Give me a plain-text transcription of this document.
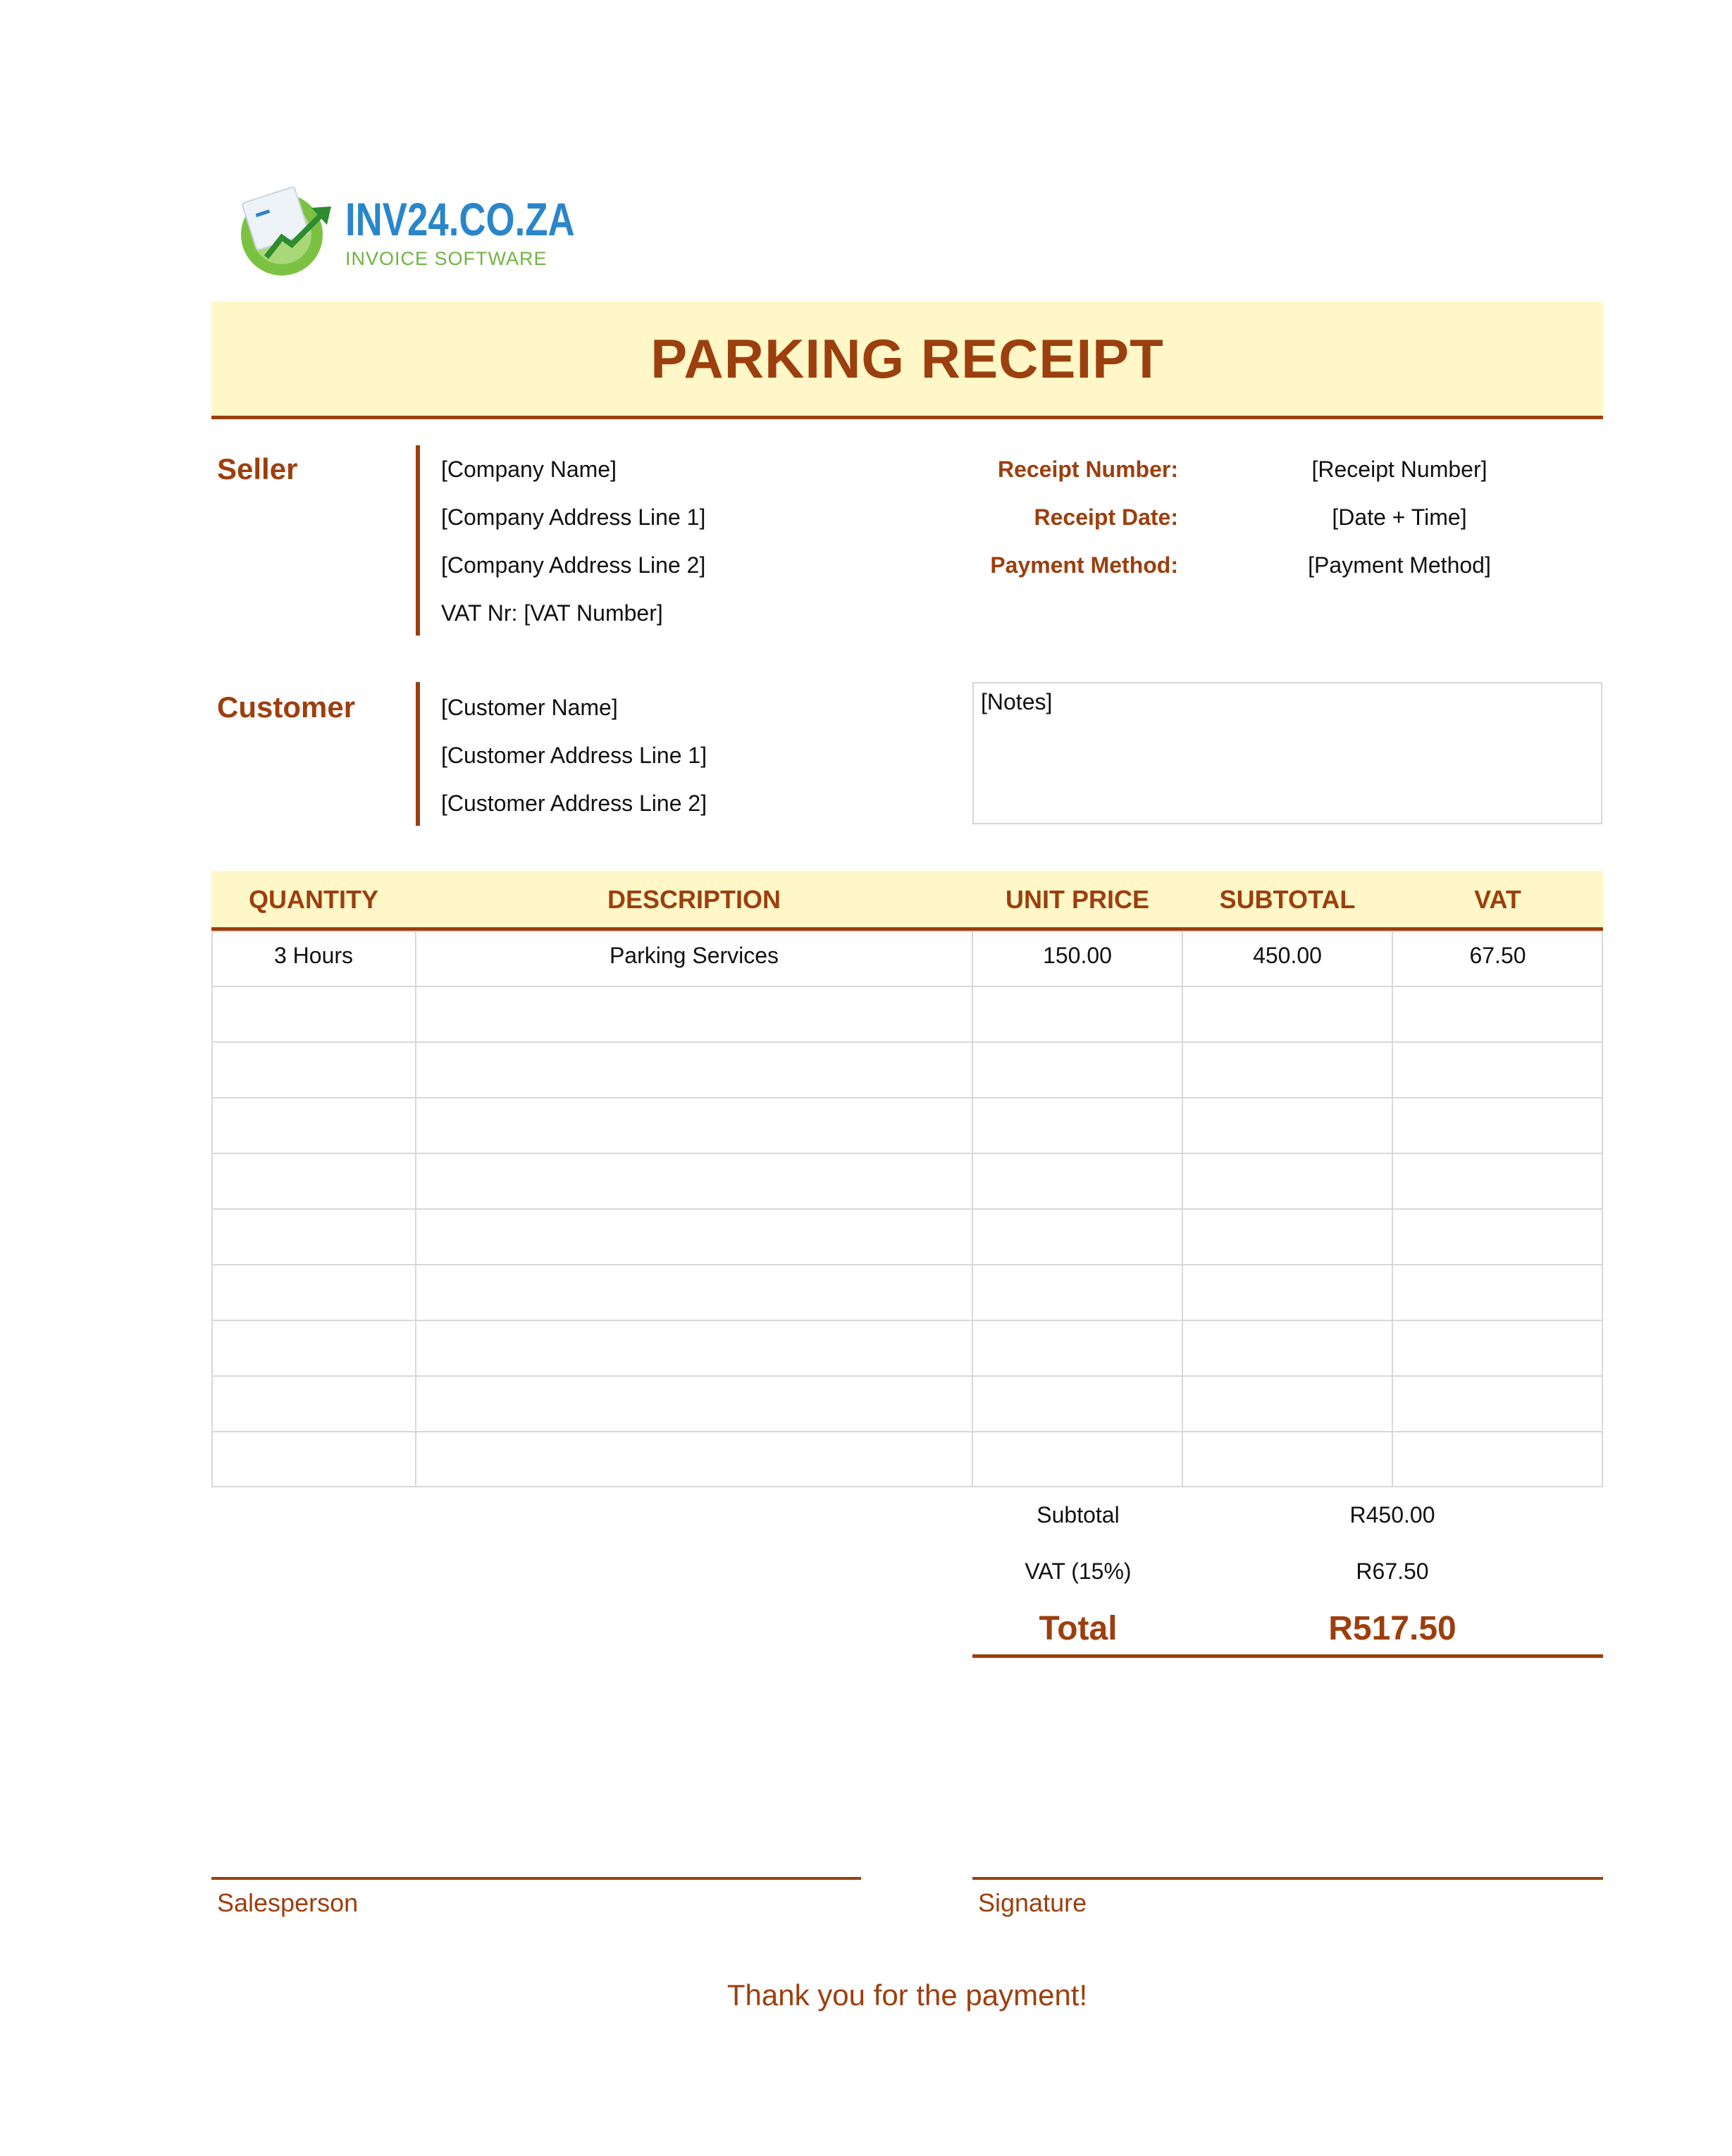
INV24.CO.ZA
INVOICE SOFTWARE
PARKING RECEIPT
Seller	[Company Name]
[Company Address Line 1]
[Company Address Line 2]
VAT Nr: [VAT Number]
Receipt Number:	[Receipt Number]
Receipt Date:	[Date + Time]
Payment Method:	[Payment Method]
Customer	[Customer Name]
[Customer Address Line 1]
[Customer Address Line 2]
[Notes]
QUANTITY	DESCRIPTION	UNIT PRICE	SUBTOTAL	VAT
3 Hours	Parking Services	150.00	450.00	67.50
Subtotal	R450.00
VAT (15%)	R67.50
Total	R517.50
Salesperson	Signature
Thank you for the payment!
